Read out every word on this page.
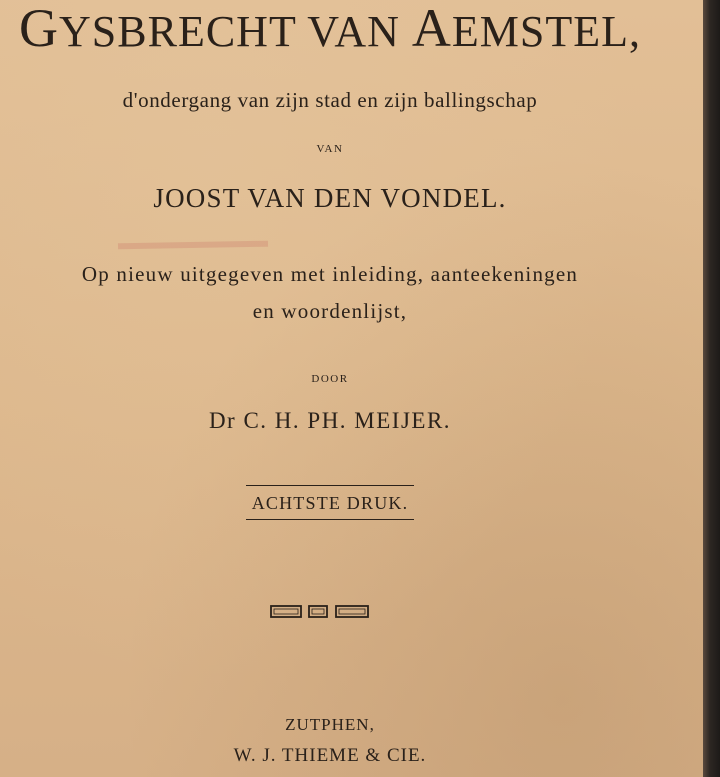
GYSBRECHT VAN AEMSTEL,
d'ondergang van zijn stad en zijn ballingschap
VAN
JOOST VAN DEN VONDEL.
Op nieuw uitgegeven met inleiding, aanteekeningen
en woordenlijst,
DOOR
Dr C. H. PH. MEIJER.
ACHTSTE DRUK.
ZUTPHEN,
W. J. THIEME & CIE.
